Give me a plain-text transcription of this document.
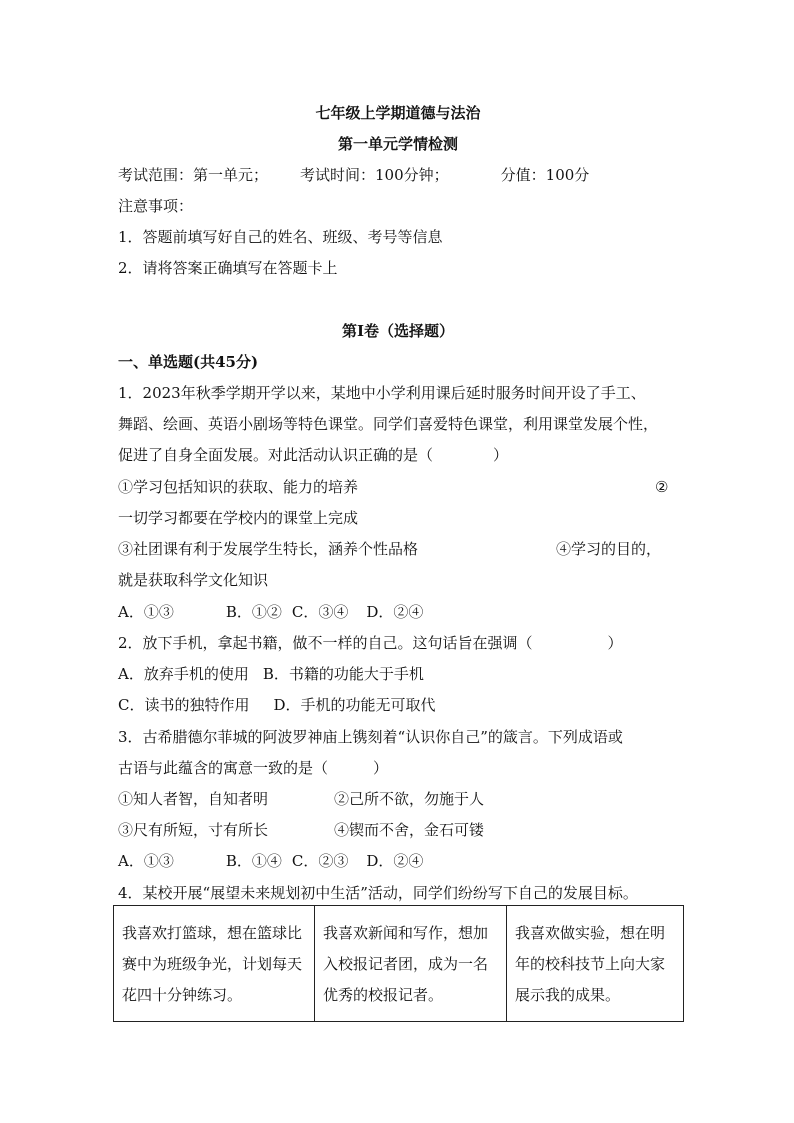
七年级上学期道德与法治
第一单元学情检测
考试范围：第一单元； 考试时间：100分钟；	分值：100分
注意事项：
1．答题前填写好自己的姓名、班级、考号等信息
2．请将答案正确填写在答题卡上
第I卷（选择题）
一、单选题(共45分)
1．2023年秋季学期开学以来，某地中小学利用课后延时服务时间开设了手工、
舞蹈、绘画、英语小剧场等特色课堂。同学们喜爱特色课堂，利用课堂发展个性，
促进了自身全面发展。对此活动认识正确的是（　　　　）
①学习包括知识的获取、能力的培养	②
一切学习都要在学校内的课堂上完成
③社团课有利于发展学生特长，涵养个性品格	④学习的目的，
就是获取科学文化知识
A．①③	B．①② C．③④ D．②④
2．放下手机，拿起书籍，做不一样的自己。这句话旨在强调（　　　　　）
A．放弃手机的使用 B．书籍的功能大于手机
C．读书的独特作用 D．手机的功能无可取代
3．古希腊德尔菲城的阿波罗神庙上镌刻着“认识你自己”的箴言。下列成语或
古语与此蕴含的寓意一致的是（　　　）
①知人者智，自知者明	②己所不欲，勿施于人
③尺有所短，寸有所长	④锲而不舍，金石可镂
A．①③	B．①④ C．②③ D．②④
4．某校开展“展望未来规划初中生活”活动，同学们纷纷写下自己的发展目标。
我喜欢打篮球，想在篮球比赛中为班级争光，计划每天花四十分钟练习。	我喜欢新闻和写作，想加入校报记者团，成为一名优秀的校报记者。	我喜欢做实验，想在明年的校科技节上向大家展示我的成果。
